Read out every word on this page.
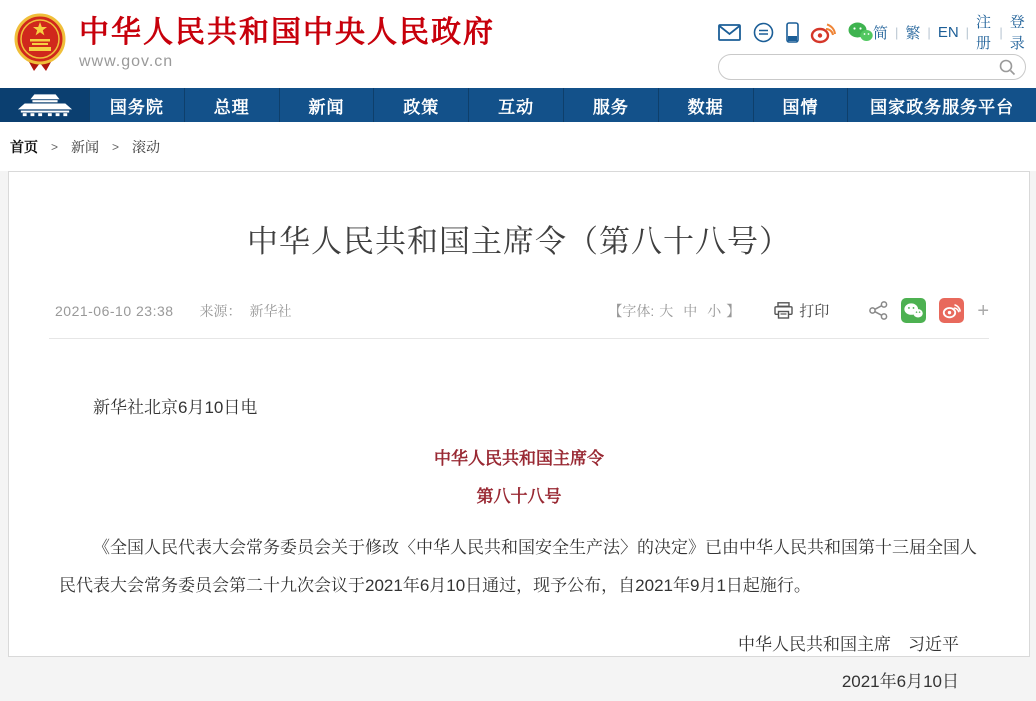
中华人民共和国中央人民政府
www.gov.cn
简 | 繁 | EN |
注册
|
登录
国务院	总理	新闻	政策	互动	服务	数据	国情	国家政务服务平台
首页 > 新闻 > 滚动
中华人民共和国主席令（第八十八号）
2021-06-10 23:38 来源： 新华社	【字体: 大 中 小 】	打印	+

新华社北京6月10日电

中华人民共和国主席令

第八十八号

《全国人民代表大会常务委员会关于修改〈中华人民共和国安全生产法〉的决定》已由中华人民共和国第十三届全国人民代表大会常务委员会第二十九次会议于2021年6月10日通过，现予公布，自2021年9月1日起施行。

中华人民共和国主席　习近平

2021年6月10日
